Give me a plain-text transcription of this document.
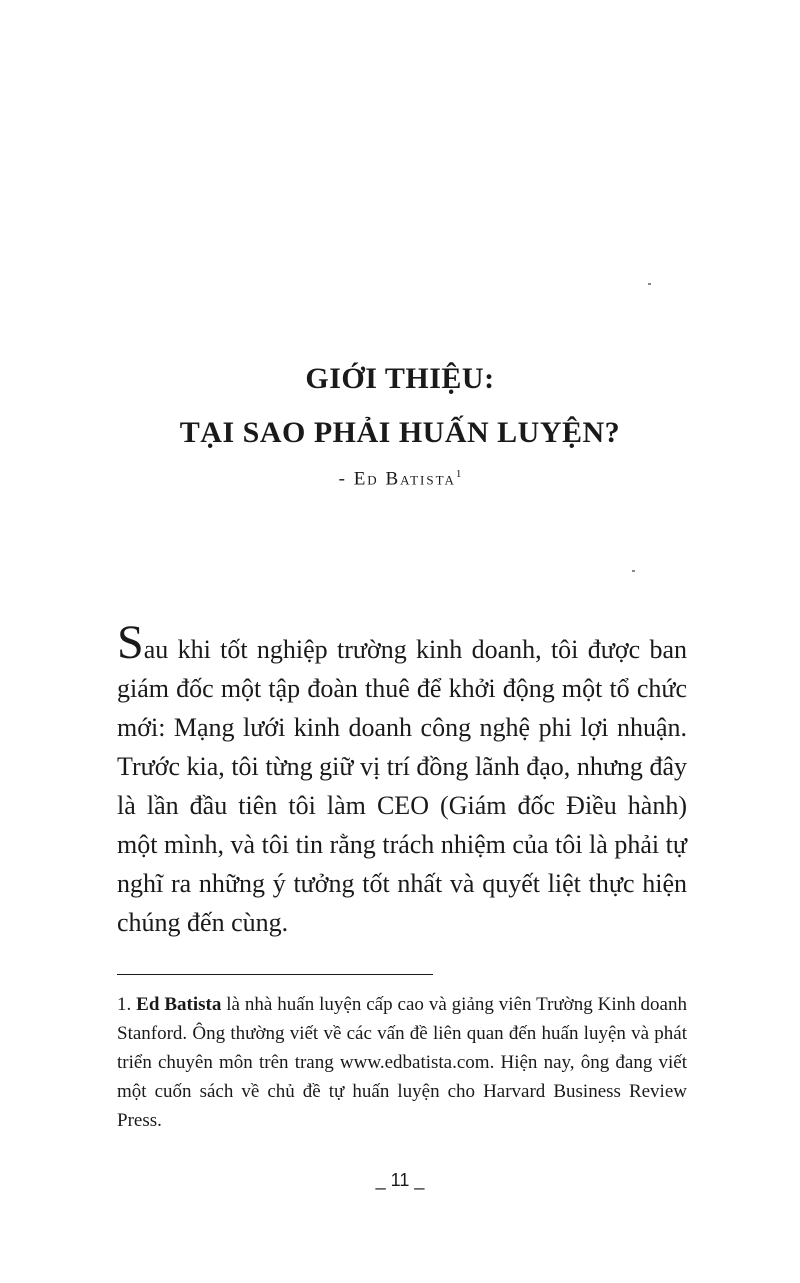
GIỚI THIỆU:
TẠI SAO PHẢI HUẤN LUYỆN?
- Ed Batista$^1$
Sau khi tốt nghiệp trường kinh doanh, tôi được ban giám đốc một tập đoàn thuê để khởi động một tổ chức mới: Mạng lưới kinh doanh công nghệ phi lợi nhuận. Trước kia, tôi từng giữ vị trí đồng lãnh đạo, nhưng đây là lần đầu tiên tôi làm CEO (Giám đốc Điều hành) một mình, và tôi tin rằng trách nhiệm của tôi là phải tự nghĩ ra những ý tưởng tốt nhất và quyết liệt thực hiện chúng đến cùng.
1. Ed Batista là nhà huấn luyện cấp cao và giảng viên Trường Kinh doanh Stanford. Ông thường viết về các vấn đề liên quan đến huấn luyện và phát triển chuyên môn trên trang www.edbatista.com. Hiện nay, ông đang viết một cuốn sách về chủ đề tự huấn luyện cho Harvard Business Review Press.
_ 11 _
